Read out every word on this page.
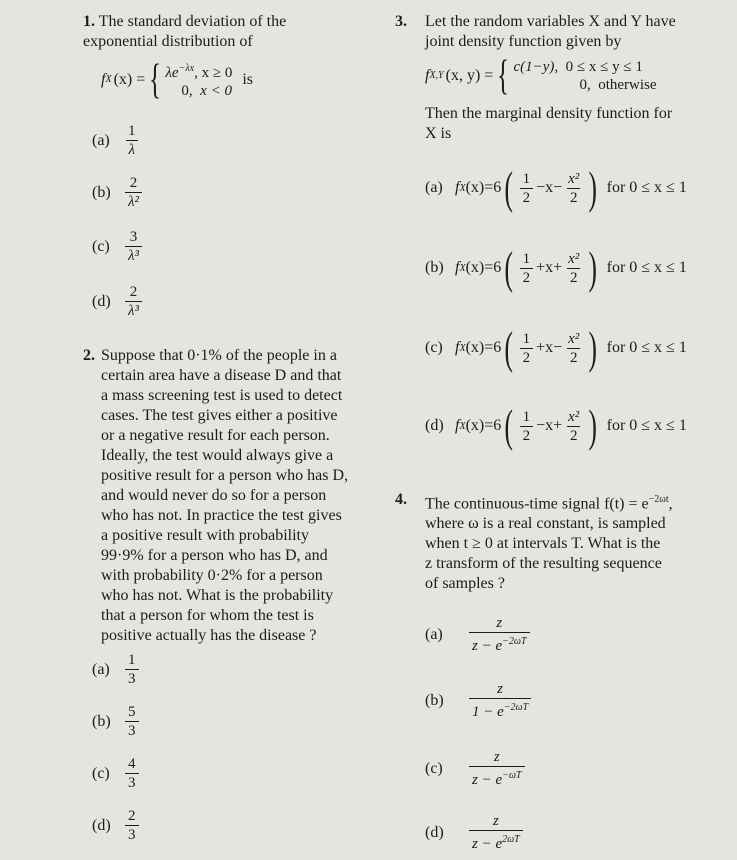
1. The standard deviation of the exponential distribution of
f X (x) = { $\lambda e^{-\lambda x}$, x ≥ 0
0, x < 0
is
(a)	$\frac{1}{\lambda}$
$(b) \frac{2}{\text{λ²}}$
(c)	$\frac{3}{\text{λ³}}$
$(d) \frac{2}{\text{λ³}}$
2. Suppose that 0·1% of the people in a
certain area have a disease D and that
a mass screening test is used to detect
cases. The test gives either a positive
or a negative result for each person.
Ideally, the test would always give a
positive result for a person who has D,
and would never do so for a person
who has not. In practice the test gives
a positive result with probability
99·9% for a person who has D, and
with probability 0·2% for a person
who has not. What is the probability
that a person for whom the test is
positive actually has the disease ?
(a)	$\frac{1}{3}$
$(b) \frac{5}{3}$
(c)	$\frac{4}{3}$
$(d) \frac{2}{3}$
3. Let the random variables X and Y have
joint density function given by
f X,Y (x, y) = { c(1−y), 0 ≤ x ≤ y ≤ 1
0, otherwise
Then the marginal density function for
X is
(a) f X (x)=6 ( $\frac{1}{2} -x- \frac{\text{x²}}{2}$ ) for 0 ≤ x ≤ 1
(b) f X (x)=6 ( $\frac{1}{2} +x+ \frac{\text{x²}}{2}$ ) for 0 ≤ x ≤ 1
(c) f X (x)=6 ( $\frac{1}{2} +x- \frac{\text{x²}}{2}$ ) for 0 ≤ x ≤ 1
(d) f X (x)=6 ( $\frac{1}{2} -x+ \frac{\text{x²}}{2}$ ) for 0 ≤ x ≤ 1
4. The continuous-time signal $f(t) = e^{-2\omega t}$,
where ω is a real constant, is sampled
when t ≥ 0 at intervals T. What is the
z transform of the resulting sequence
of samples ?
(a)	$\frac{z}{z - e^{-2\omega T}}$
(b)	$\frac{z}{1 - e^{-2\omega T}}$
(c)	$\frac{z}{z - e^{-\omega T}}$
(d)	$\frac{z}{z - e^{2\omega T}}$
